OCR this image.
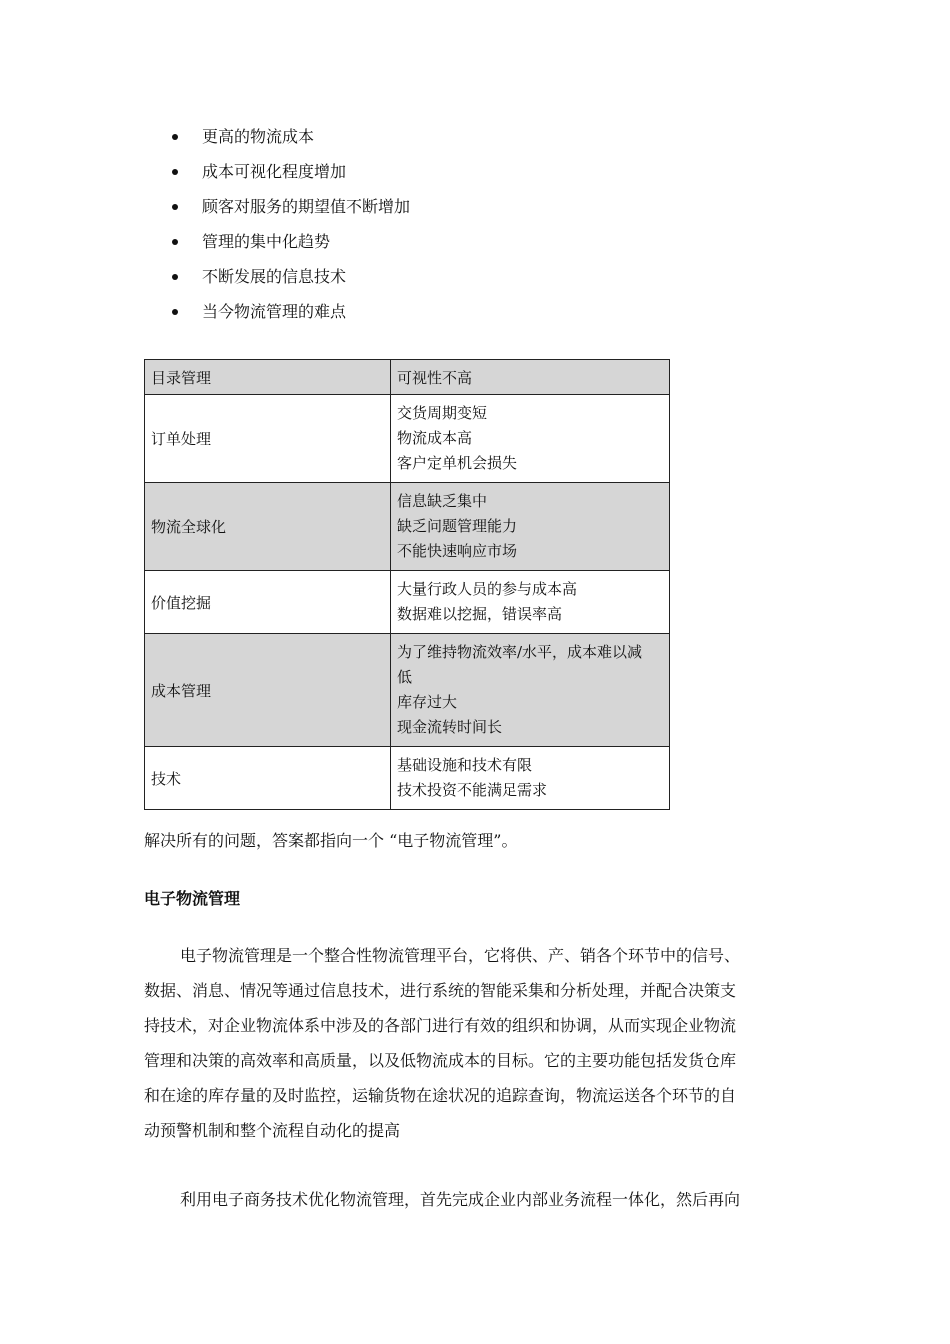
更高的物流成本
成本可视化程度增加
顾客对服务的期望值不断增加
管理的集中化趋势
不断发展的信息技术
当今物流管理的难点
目录管理	可视性不高
订单处理	交货周期变短
物流成本高
客户定单机会损失

物流全球化	信息缺乏集中
缺乏问题管理能力
不能快速响应市场

价值挖掘	大量行政人员的参与成本高
数据难以挖掘，错误率高

成本管理	为了维持物流效率/水平，成本难以减
低
库存过大
现金流转时间长

技术	基础设施和技术有限
技术投资不能满足需求
解决所有的问题，答案都指向一个 “电子物流管理”。
电子物流管理
电子物流管理是一个整合性物流管理平台，它将供、产、销各个环节中的信号、
数据、消息、情况等通过信息技术，进行系统的智能采集和分析处理，并配合决策支
持技术，对企业物流体系中涉及的各部门进行有效的组织和协调，从而实现企业物流
管理和决策的高效率和高质量，以及低物流成本的目标。它的主要功能包括发货仓库
和在途的库存量的及时监控，运输货物在途状况的追踪查询，物流运送各个环节的自
动预警机制和整个流程自动化的提高
利用电子商务技术优化物流管理，首先完成企业内部业务流程一体化，然后再向
